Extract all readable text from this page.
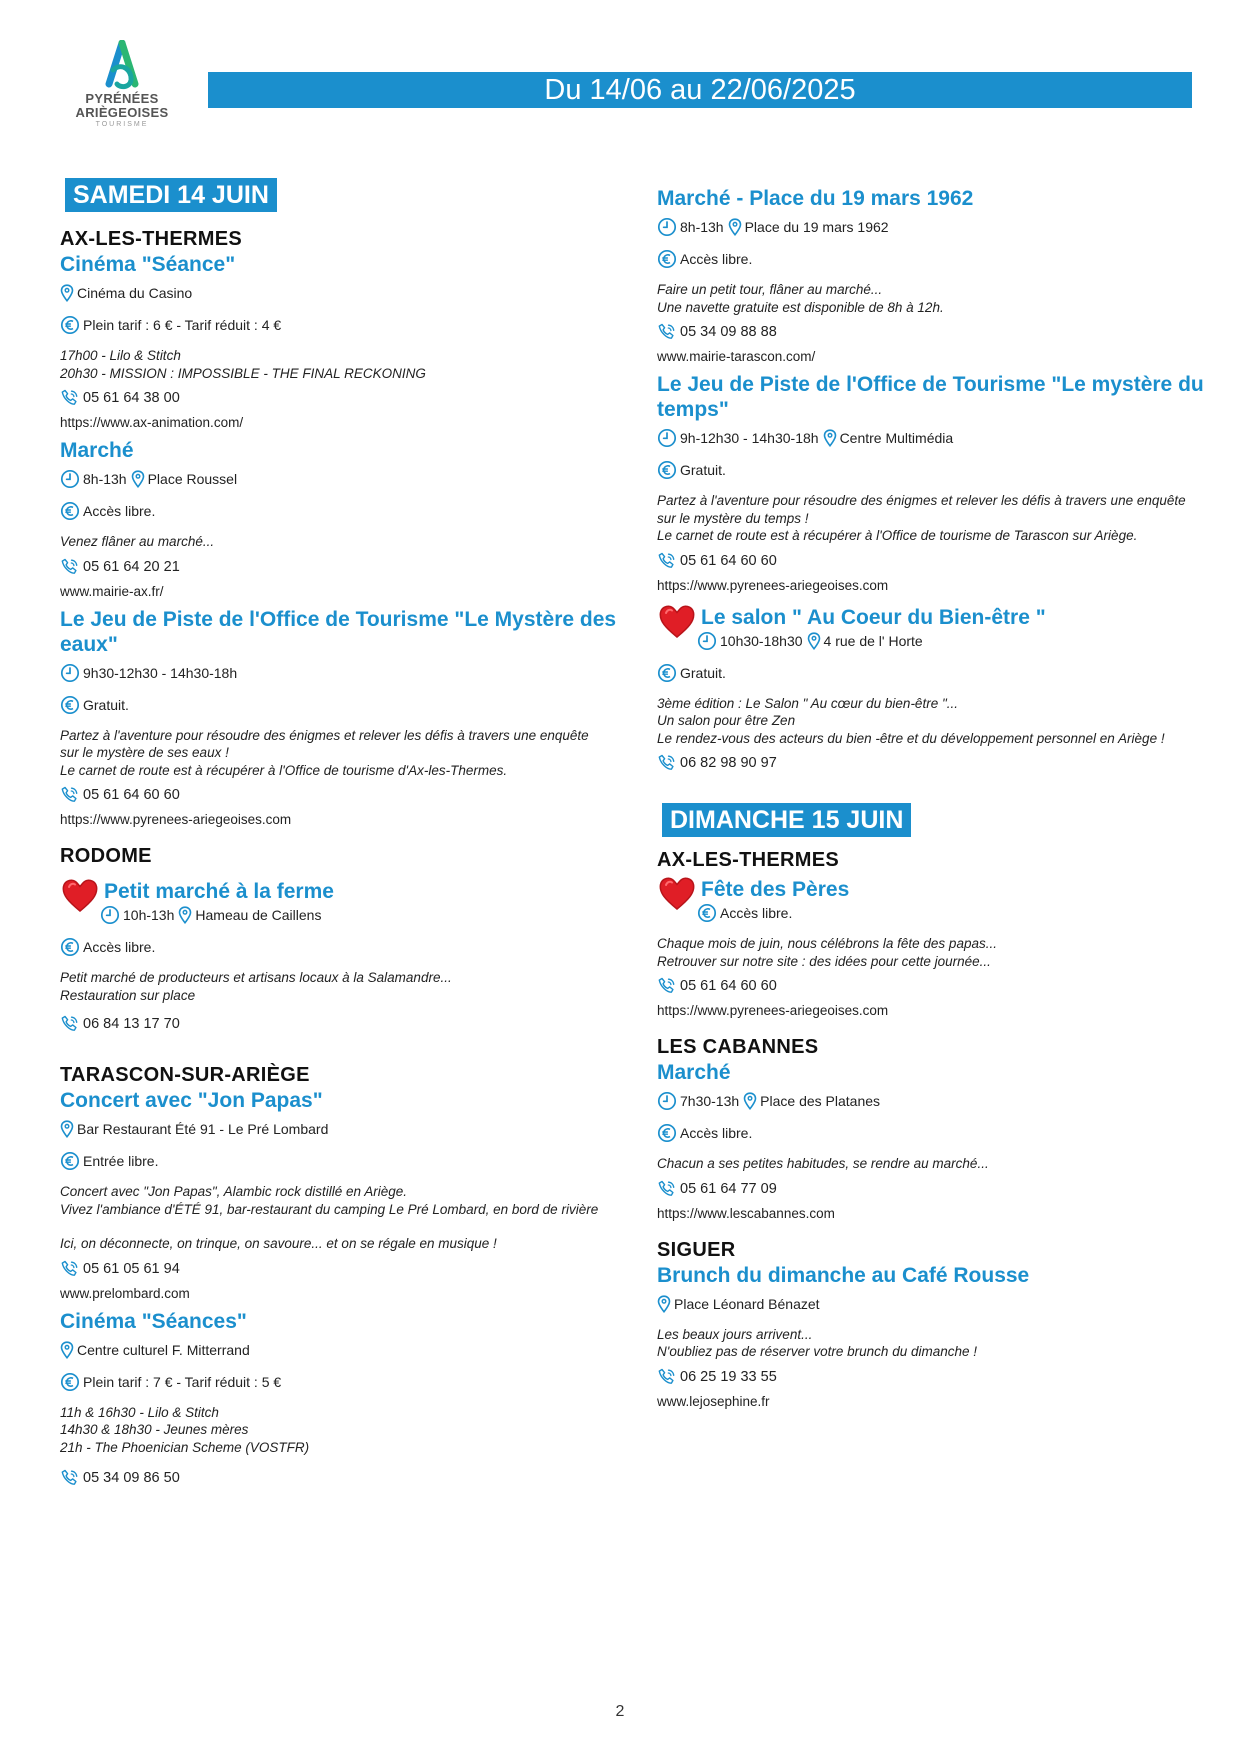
PYRÉNÉES
ARIÈGEOISES
TOURISME
Du 14/06 au 22/06/2025
SAMEDI 14 JUIN
AX-LES-THERMES
Cinéma "Séance"
Cinéma du Casino
Plein tarif : 6 € - Tarif réduit : 4 €
17h00 - Lilo & Stitch
20h30 - MISSION : IMPOSSIBLE - THE FINAL RECKONING
05 61 64 38 00
https://www.ax-animation.com/
Marché
8h-13h Place Roussel
Accès libre.
Venez flâner au marché...
05 61 64 20 21
www.mairie-ax.fr/
Le Jeu de Piste de l'Office de Tourisme "Le Mystère des eaux"
9h30-12h30 - 14h30-18h
Gratuit.
Partez à l'aventure pour résoudre des énigmes et relever les défis à travers une enquête
sur le mystère de ses eaux !
Le carnet de route est à récupérer à l'Office de tourisme d'Ax-les-Thermes.
05 61 64 60 60
https://www.pyrenees-ariegeoises.com
RODOME
Petit marché à la ferme
10h-13h Hameau de Caillens
Accès libre.
Petit marché de producteurs et artisans locaux à la Salamandre...
Restauration sur place
06 84 13 17 70
TARASCON-SUR-ARIÈGE
Concert avec "Jon Papas"
Bar Restaurant Été 91 - Le Pré Lombard
Entrée libre.
Concert avec "Jon Papas", Alambic rock distillé en Ariège.
Vivez l'ambiance d'ÉTÉ 91, bar-restaurant du camping Le Pré Lombard, en bord de rivière
Ici, on déconnecte, on trinque, on savoure... et on se régale en musique !
05 61 05 61 94
www.prelombard.com
Cinéma "Séances"
Centre culturel F. Mitterrand
Plein tarif : 7 € - Tarif réduit : 5 €
11h & 16h30 - Lilo & Stitch
14h30 & 18h30 - Jeunes mères
21h - The Phoenician Scheme (VOSTFR)
05 34 09 86 50
Marché - Place du 19 mars 1962
8h-13h Place du 19 mars 1962
Accès libre.
Faire un petit tour, flâner au marché...
Une navette gratuite est disponible de 8h à 12h.
05 34 09 88 88
www.mairie-tarascon.com/
Le Jeu de Piste de l'Office de Tourisme "Le mystère du temps"
9h-12h30 - 14h30-18h Centre Multimédia
Gratuit.
Partez à l'aventure pour résoudre des énigmes et relever les défis à travers une enquête
sur le mystère du temps !
Le carnet de route est à récupérer à l'Office de tourisme de Tarascon sur Ariège.
05 61 64 60 60
https://www.pyrenees-ariegeoises.com
Le salon " Au Coeur du Bien-être "
10h30-18h30 4 rue de l' Horte
Gratuit.
3ème édition : Le Salon " Au cœur du bien-être "...
Un salon pour être Zen
Le rendez-vous des acteurs du bien -être et du développement personnel en Ariège !
06 82 98 90 97
DIMANCHE 15 JUIN
AX-LES-THERMES
Fête des Pères
Accès libre.
Chaque mois de juin, nous célébrons la fête des papas...
Retrouver sur notre site : des idées pour cette journée...
05 61 64 60 60
https://www.pyrenees-ariegeoises.com
LES CABANNES
Marché
7h30-13h Place des Platanes
Accès libre.
Chacun a ses petites habitudes, se rendre au marché...
05 61 64 77 09
https://www.lescabannes.com
SIGUER
Brunch du dimanche au Café Rousse
Place Léonard Bénazet
Les beaux jours arrivent...
N'oubliez pas de réserver votre brunch du dimanche !
06 25 19 33 55
www.lejosephine.fr
2
